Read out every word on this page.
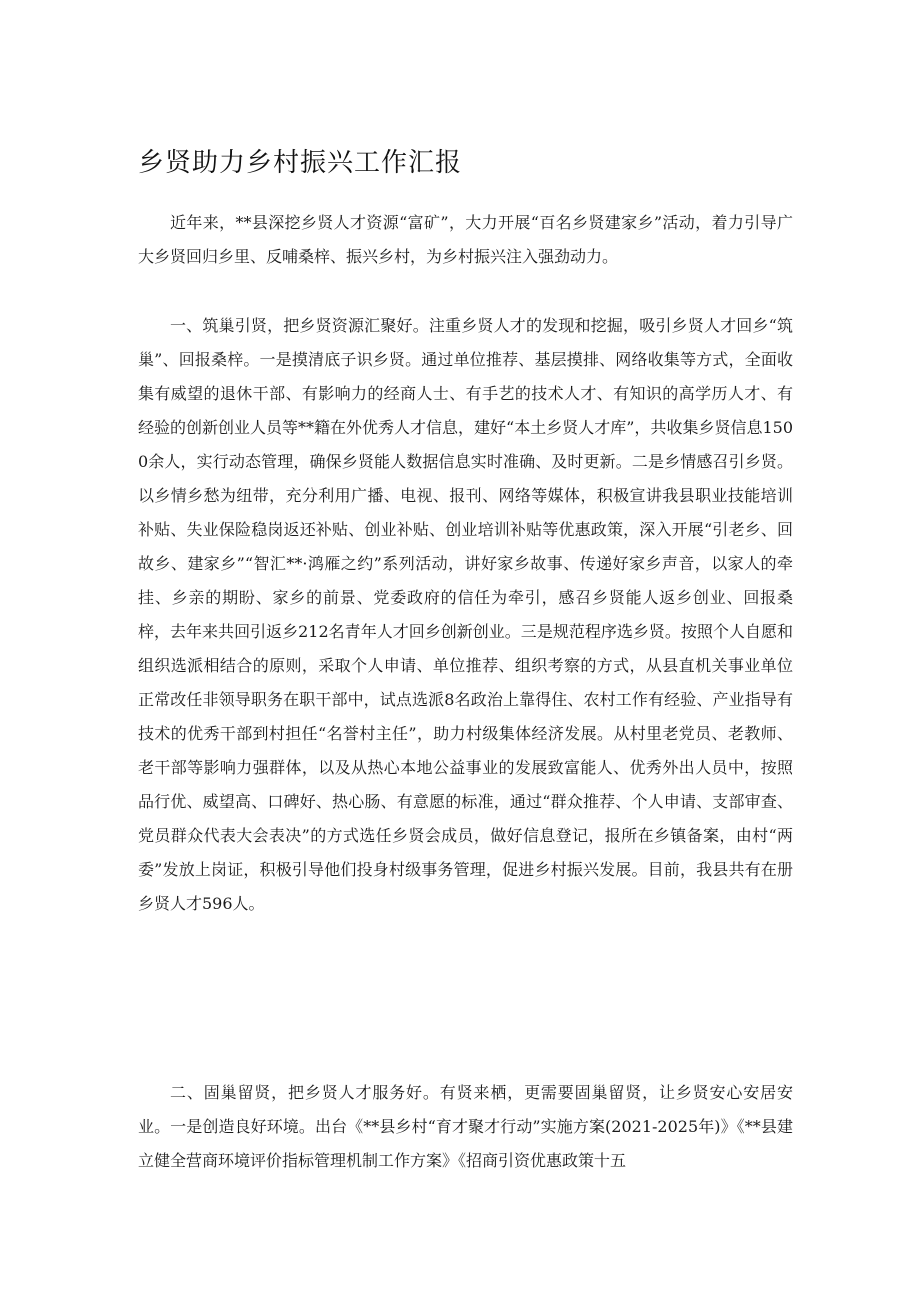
乡贤助力乡村振兴工作汇报

近年来，**县深挖乡贤人才资源“富矿”，大力开展“百名乡贤建家乡”活动，着力引导广大乡贤回归乡里、反哺桑梓、振兴乡村，为乡村振兴注入强劲动力。

一、筑巢引贤，把乡贤资源汇聚好。注重乡贤人才的发现和挖掘，吸引乡贤人才回乡“筑巢”、回报桑梓。一是摸清底子识乡贤。通过单位推荐、基层摸排、网络收集等方式，全面收集有威望的退休干部、有影响力的经商人士、有手艺的技术人才、有知识的高学历人才、有经验的创新创业人员等**籍在外优秀人才信息，建好“本土乡贤人才库”，共收集乡贤信息1500余人，实行动态管理，确保乡贤能人数据信息实时准确、及时更新。二是乡情感召引乡贤。以乡情乡愁为纽带，充分利用广播、电视、报刊、网络等媒体，积极宣讲我县职业技能培训补贴、失业保险稳岗返还补贴、创业补贴、创业培训补贴等优惠政策，深入开展“引老乡、回故乡、建家乡”“智汇**·鸿雁之约”系列活动，讲好家乡故事、传递好家乡声音，以家人的牵挂、乡亲的期盼、家乡的前景、党委政府的信任为牵引，感召乡贤能人返乡创业、回报桑梓，去年来共回引返乡212名青年人才回乡创新创业。三是规范程序选乡贤。按照个人自愿和组织选派相结合的原则，采取个人申请、单位推荐、组织考察的方式，从县直机关事业单位正常改任非领导职务在职干部中，试点选派8名政治上靠得住、农村工作有经验、产业指导有技术的优秀干部到村担任“名誉村主任”，助力村级集体经济发展。从村里老党员、老教师、老干部等影响力强群体，以及从热心本地公益事业的发展致富能人、优秀外出人员中，按照品行优、威望高、口碑好、热心肠、有意愿的标准，通过“群众推荐、个人申请、支部审查、党员群众代表大会表决”的方式选任乡贤会成员，做好信息登记，报所在乡镇备案，由村“两委”发放上岗证，积极引导他们投身村级事务管理，促进乡村振兴发展。目前，我县共有在册乡贤人才596人。

二、固巢留贤，把乡贤人才服务好。有贤来栖，更需要固巢留贤，让乡贤安心安居安业。一是创造良好环境。出台《**县乡村“育才聚才行动”实施方案(2021-2025年)》《**县建立健全营商环境评价指标管理机制工作方案》《招商引资优惠政策十五
